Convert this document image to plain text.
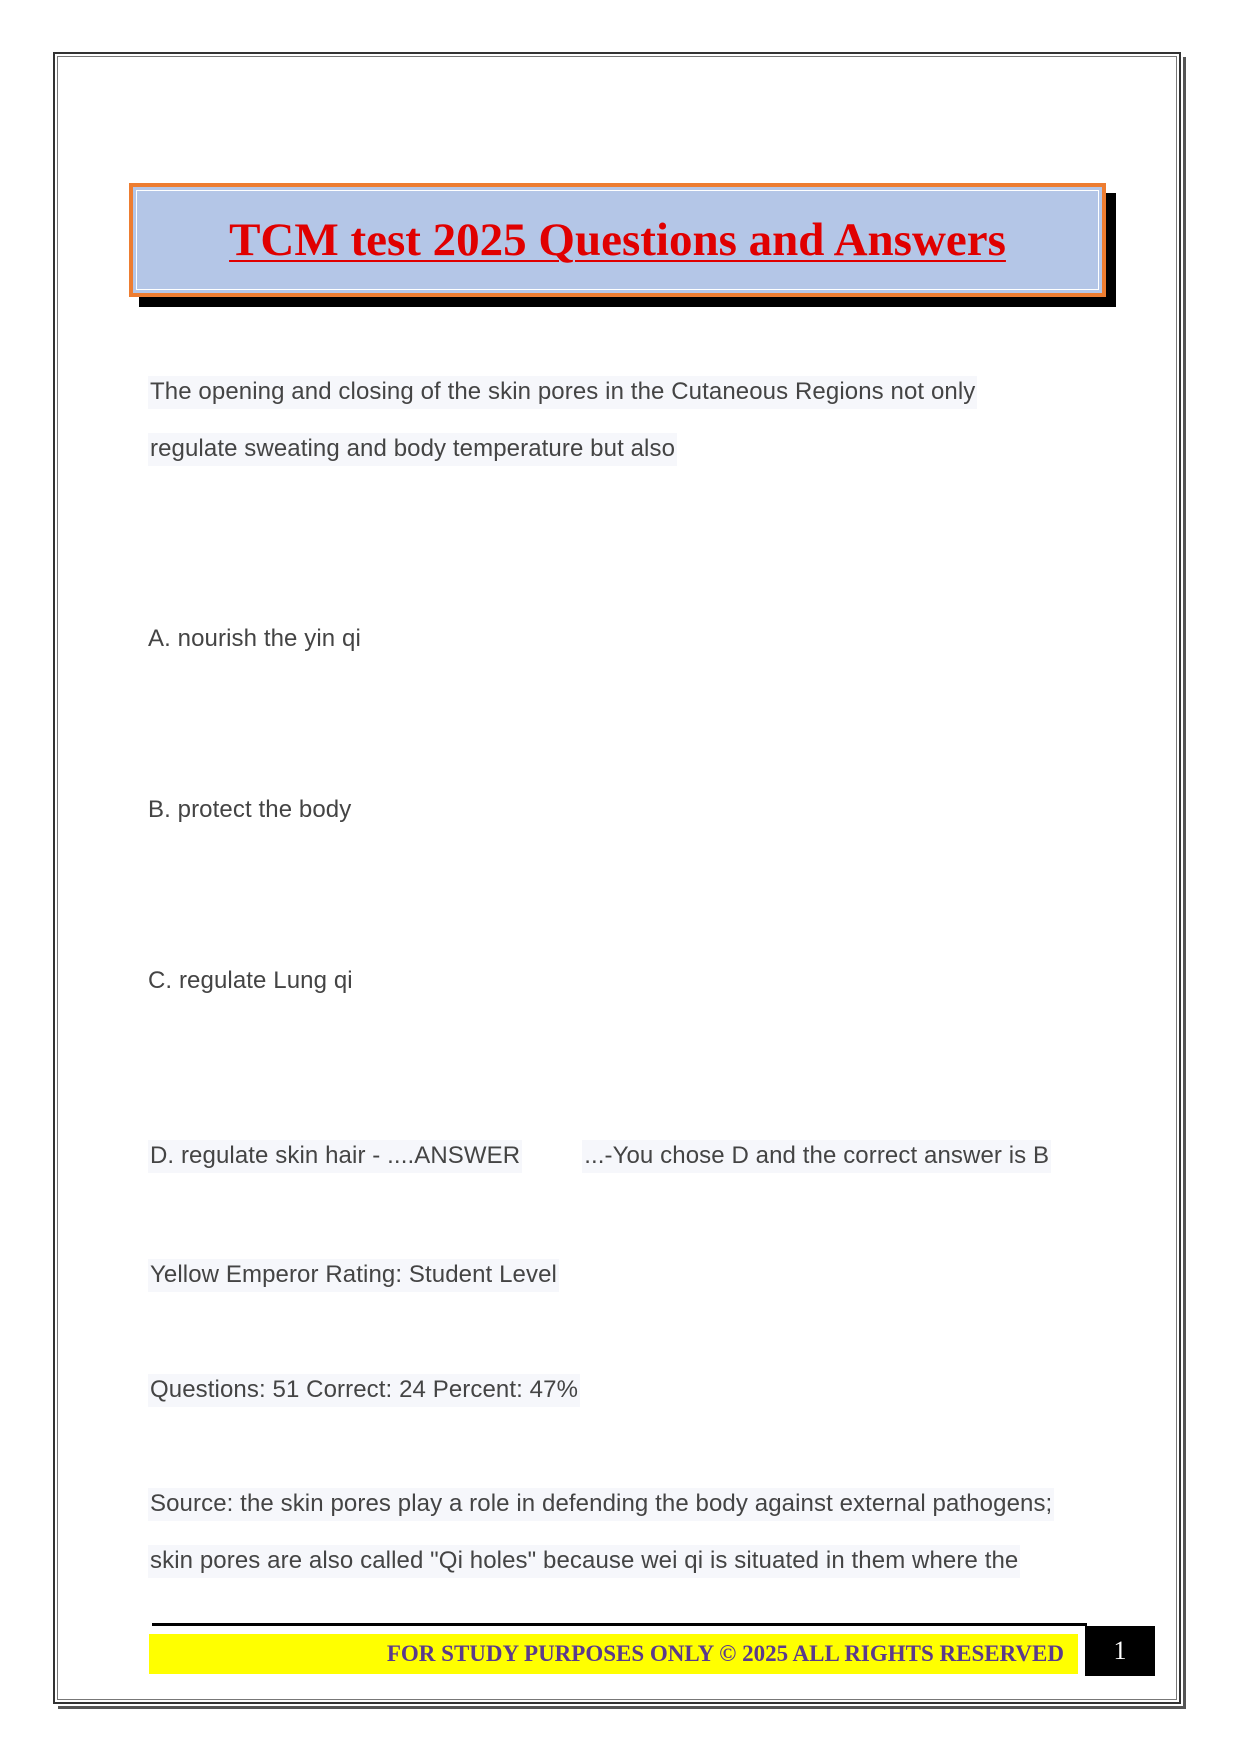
TCM test 2025 Questions and Answers
The opening and closing of the skin pores in the Cutaneous Regions not only
regulate sweating and body temperature but also
A. nourish the yin qi
B. protect the body
C. regulate Lung qi
D. regulate skin hair - ....ANSWER	...-You chose D and the correct answer is B
Yellow Emperor Rating: Student Level
Questions: 51 Correct: 24 Percent: 47%
Source: the skin pores play a role in defending the body against external pathogens;
skin pores are also called "Qi holes" because wei qi is situated in them where the
FOR STUDY PURPOSES ONLY © 2025 ALL RIGHTS RESERVED	1
